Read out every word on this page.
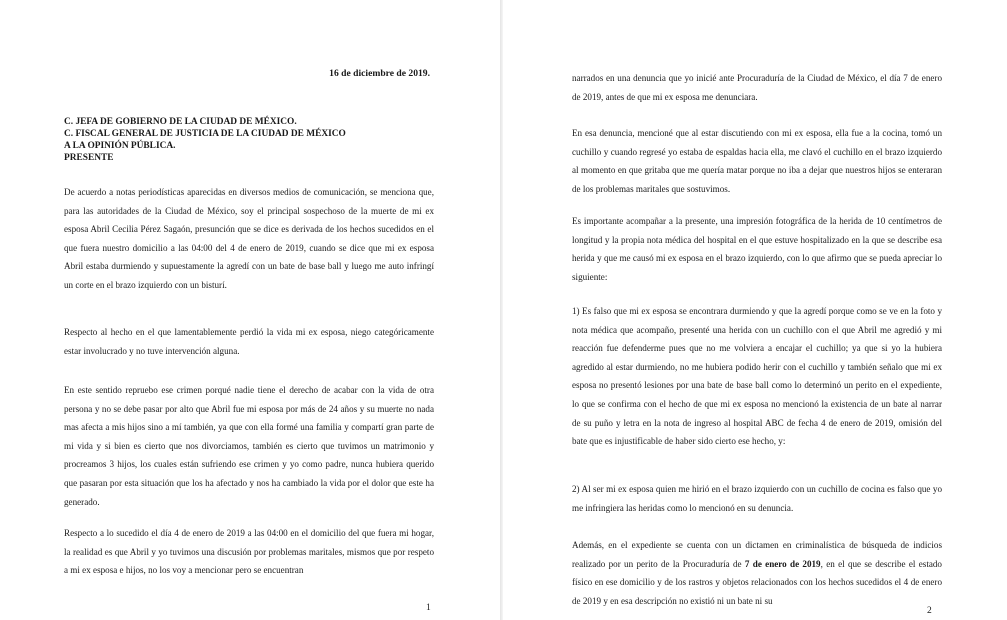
16 de diciembre de 2019.
C. JEFA DE GOBIERNO DE LA CIUDAD DE MÉXICO.
C. FISCAL GENERAL DE JUSTICIA DE LA CIUDAD DE MÉXICO
A LA OPINIÓN PÚBLICA.
PRESENTE

De acuerdo a notas periodísticas aparecidas en diversos medios de comunicación, se menciona que, para las autoridades de la Ciudad de México, soy el principal sospechoso de la muerte de mi ex esposa Abril Cecilia Pérez Sagaón, presunción que se dice es derivada de los hechos sucedidos en el que fuera nuestro domicilio a las 04:00 del 4 de enero de 2019, cuando se dice que mi ex esposa Abril estaba durmiendo y supuestamente la agredí con un bate de base ball y luego me auto infringí un corte en el brazo izquierdo con un bisturí.

Respecto al hecho en el que lamentablemente perdió la vida mi ex esposa, niego categóricamente estar involucrado y no tuve intervención alguna.

En este sentido repruebo ese crimen porqué nadie tiene el derecho de acabar con la vida de otra persona y no se debe pasar por alto que Abril fue mi esposa por más de 24 años y su muerte no nada mas afecta a mis hijos sino a mí también, ya que con ella formé una familia y compartí gran parte de mi vida y si bien es cierto que nos divorciamos, también es cierto que tuvimos un matrimonio y procreamos 3 hijos, los cuales están sufriendo ese crimen y yo como padre, nunca hubiera querido que pasaran por esta situación que los ha afectado y nos ha cambiado la vida por el dolor que este ha generado.

Respecto a lo sucedido el día 4 de enero de 2019 a las 04:00 en el domicilio del que fuera mi hogar, la realidad es que Abril y yo tuvimos una discusión por problemas maritales, mismos que por respeto a mi ex esposa e hijos, no los voy a mencionar pero se encuentran

1

narrados en una denuncia que yo inicié ante Procuraduría de la Ciudad de México, el día 7 de enero de 2019, antes de que mi ex esposa me denunciara.

En esa denuncia, mencioné que al estar discutiendo con mi ex esposa, ella fue a la cocina, tomó un cuchillo y cuando regresé yo estaba de espaldas hacia ella, me clavó el cuchillo en el brazo izquierdo al momento en que gritaba que me quería matar porque no iba a dejar que nuestros hijos se enteraran de los problemas maritales que sostuvimos.

Es importante acompañar a la presente, una impresión fotográfica de la herida de 10 centímetros de longitud y la propia nota médica del hospital en el que estuve hospitalizado en la que se describe esa herida y que me causó mi ex esposa en el brazo izquierdo, con lo que afirmo que se pueda apreciar lo siguiente:

1) Es falso que mi ex esposa se encontrara durmiendo y que la agredí porque como se ve en la foto y nota médica que acompaño, presenté una herida con un cuchillo con el que Abril me agredió y mi reacción fue defenderme pues que no me volviera a encajar el cuchillo; ya que si yo la hubiera agredido al estar durmiendo, no me hubiera podido herir con el cuchillo y también señalo que mi ex esposa no presentó lesiones por una bate de base ball como lo determinó un perito en el expediente, lo que se confirma con el hecho de que mi ex esposa no mencionó la existencia de un bate al narrar de su puño y letra en la nota de ingreso al hospital ABC de fecha 4 de enero de 2019, omisión del bate que es injustificable de haber sido cierto ese hecho, y:

2) Al ser mi ex esposa quien me hirió en el brazo izquierdo con un cuchillo de cocina es falso que yo me infringiera las heridas como lo mencionó en su denuncia.

Además, en el expediente se cuenta con un dictamen en criminalística de búsqueda de indicios realizado por un perito de la Procuraduría de 7 de enero de 2019, en el que se describe el estado físico en ese domicilio y de los rastros y objetos relacionados con los hechos sucedidos el 4 de enero de 2019 y en esa descripción no existió ni un bate ni su

2
